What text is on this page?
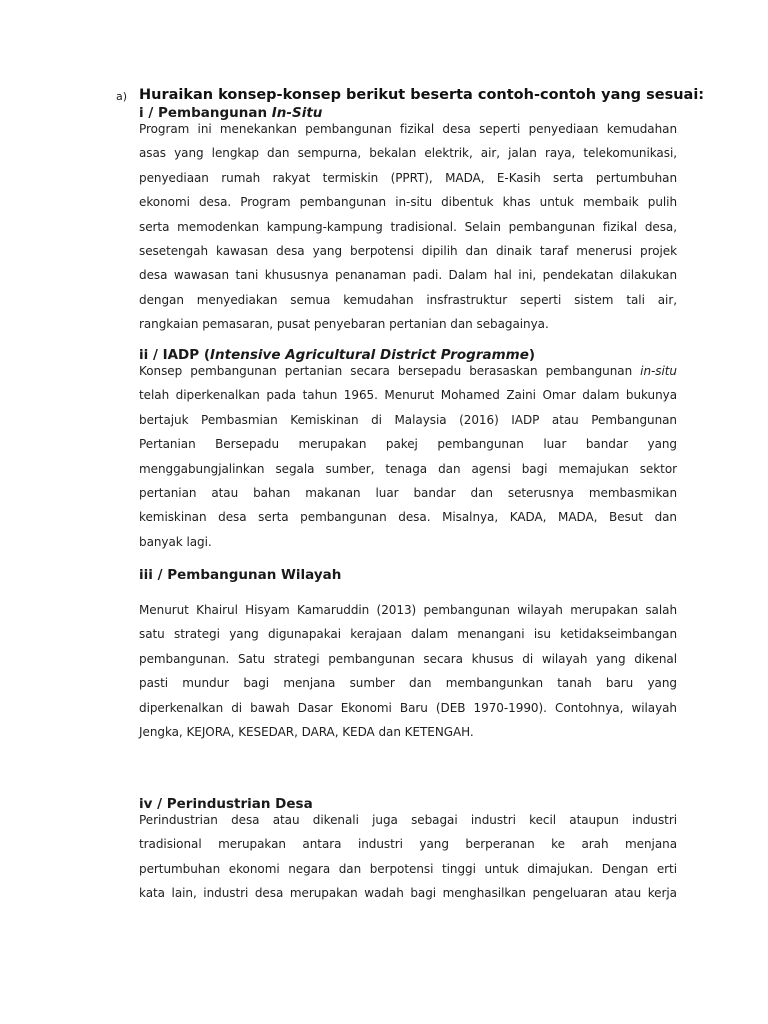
a) Huraikan konsep-konsep berikut beserta contoh-contoh yang sesuai:
i / Pembangunan In-Situ
Program ini menekankan pembangunan fizikal desa seperti penyediaan kemudahan
asas yang lengkap dan sempurna, bekalan elektrik, air, jalan raya, telekomunikasi,
penyediaan rumah rakyat termiskin (PPRT), MADA, E-Kasih serta pertumbuhan
ekonomi desa. Program pembangunan in-situ dibentuk khas untuk membaik pulih
serta memodenkan kampung-kampung tradisional. Selain pembangunan fizikal desa,
sesetengah kawasan desa yang berpotensi dipilih dan dinaik taraf menerusi projek
desa wawasan tani khususnya penanaman padi. Dalam hal ini, pendekatan dilakukan
dengan menyediakan semua kemudahan insfrastruktur seperti sistem tali air,
rangkaian pemasaran, pusat penyebaran pertanian dan sebagainya.
ii / IADP (Intensive Agricultural District Programme)
Konsep pembangunan pertanian secara bersepadu berasaskan pembangunan in-situ
telah diperkenalkan pada tahun 1965. Menurut Mohamed Zaini Omar dalam bukunya
bertajuk Pembasmian Kemiskinan di Malaysia (2016) IADP atau Pembangunan
Pertanian Bersepadu merupakan pakej pembangunan luar bandar yang
menggabungjalinkan segala sumber, tenaga dan agensi bagi memajukan sektor
pertanian atau bahan makanan luar bandar dan seterusnya membasmikan
kemiskinan desa serta pembangunan desa. Misalnya, KADA, MADA, Besut dan
banyak lagi.
iii / Pembangunan Wilayah
Menurut Khairul Hisyam Kamaruddin (2013) pembangunan wilayah merupakan salah
satu strategi yang digunapakai kerajaan dalam menangani isu ketidakseimbangan
pembangunan. Satu strategi pembangunan secara khusus di wilayah yang dikenal
pasti mundur bagi menjana sumber dan membangunkan tanah baru yang
diperkenalkan di bawah Dasar Ekonomi Baru (DEB 1970-1990). Contohnya, wilayah
Jengka, KEJORA, KESEDAR, DARA, KEDA dan KETENGAH.
iv / Perindustrian Desa
Perindustrian desa atau dikenali juga sebagai industri kecil ataupun industri
tradisional merupakan antara industri yang berperanan ke arah menjana
pertumbuhan ekonomi negara dan berpotensi tinggi untuk dimajukan. Dengan erti
kata lain, industri desa merupakan wadah bagi menghasilkan pengeluaran atau kerja
